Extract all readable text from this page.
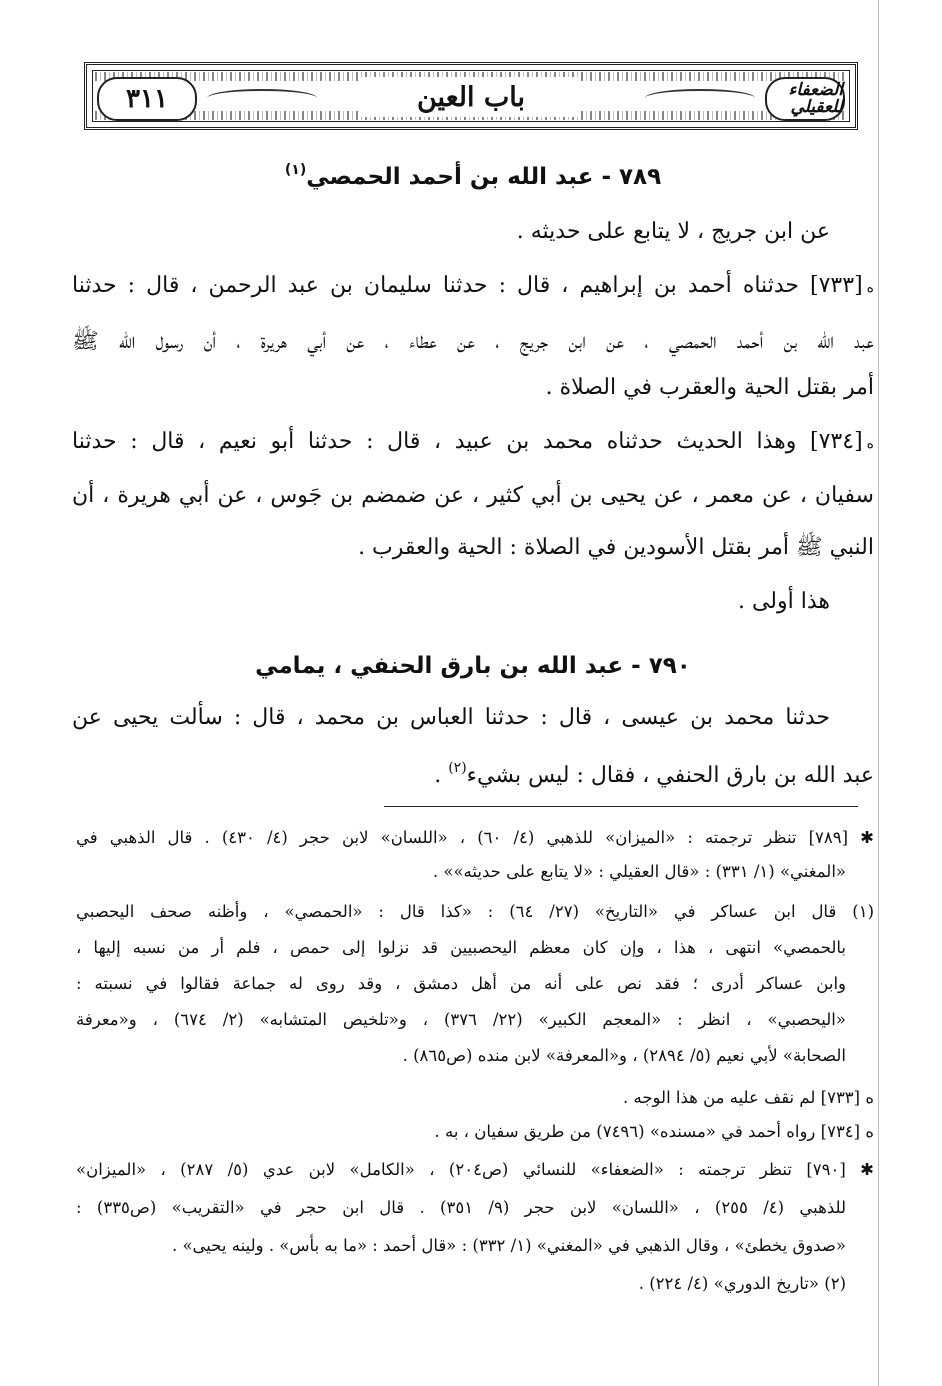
الضعفاء للعقيلي
باب العين
٣١١
٧٨٩ - عبد الله بن أحمد الحمصي$^{(١)}$
عن ابن جريج ، لا يتابع على حديثه .
ه[٧٣٣] حدثناه أحمد بن إبراهيم ، قال : حدثنا سليمان بن عبد الرحمن ، قال : حدثنا
عبد الله بن أحمد الحمصي ، عن ابن جريج ، عن عطاء ، عن أبي هريرة ، أن رسول الله ﷺ
أمر بقتل الحية والعقرب في الصلاة .
ه[٧٣٤] وهذا الحديث حدثناه محمد بن عبيد ، قال : حدثنا أبو نعيم ، قال : حدثنا
سفيان ، عن معمر ، عن يحيى بن أبي كثير ، عن ضمضم بن جَوس ، عن أبي هريرة ، أن
النبي ﷺ أمر بقتل الأسودين في الصلاة : الحية والعقرب .
هذا أولى .
٧٩٠ - عبد الله بن بارق الحنفي ، يمامي
حدثنا محمد بن عيسى ، قال : حدثنا العباس بن محمد ، قال : سألت يحيى عن
عبد الله بن بارق الحنفي ، فقال : ليس بشيء$^{(٢)}$ .
✱ [٧٨٩] تنظر ترجمته : «الميزان» للذهبي (٤/ ٦٠) ، «اللسان» لابن حجر (٤/ ٤٣٠) . قال الذهبي في
«المغني» (١/ ٣٣١) : «قال العقيلي : «لا يتابع على حديثه»» .
(١) قال ابن عساكر في «التاريخ» (٢٧/ ٦٤) : «كذا قال : «الحمصي» ، وأظنه صحف اليحصبي
بالحمصي» انتهى ، هذا ، وإن كان معظم اليحصبيين قد نزلوا إلى حمص ، فلم أر من نسبه إليها ،
وابن عساكر أدرى ؛ فقد نص على أنه من أهل دمشق ، وقد روى له جماعة فقالوا في نسبته :
«اليحصبي» ، انظر : «المعجم الكبير» (٢٢/ ٣٧٦) ، و«تلخيص المتشابه» (٢/ ٦٧٤) ، و«معرفة
الصحابة» لأبي نعيم (٥/ ٢٨٩٤) ، و«المعرفة» لابن منده (ص٨٦٥) .
ه [٧٣٣] لم نقف عليه من هذا الوجه .
ه [٧٣٤] رواه أحمد في «مسنده» (٧٤٩٦) من طريق سفيان ، به .
✱ [٧٩٠] تنظر ترجمته : «الضعفاء» للنسائي (ص٢٠٤) ، «الكامل» لابن عدي (٥/ ٢٨٧) ، «الميزان»
للذهبي (٤/ ٢٥٥) ، «اللسان» لابن حجر (٩/ ٣٥١) . قال ابن حجر في «التقريب» (ص٣٣٥) :
«صدوق يخطئ» ، وقال الذهبي في «المغني» (١/ ٣٣٢) : «قال أحمد : «ما به بأس» . ولينه يحيى» .
(٢) «تاريخ الدوري» (٤/ ٢٢٤) .
